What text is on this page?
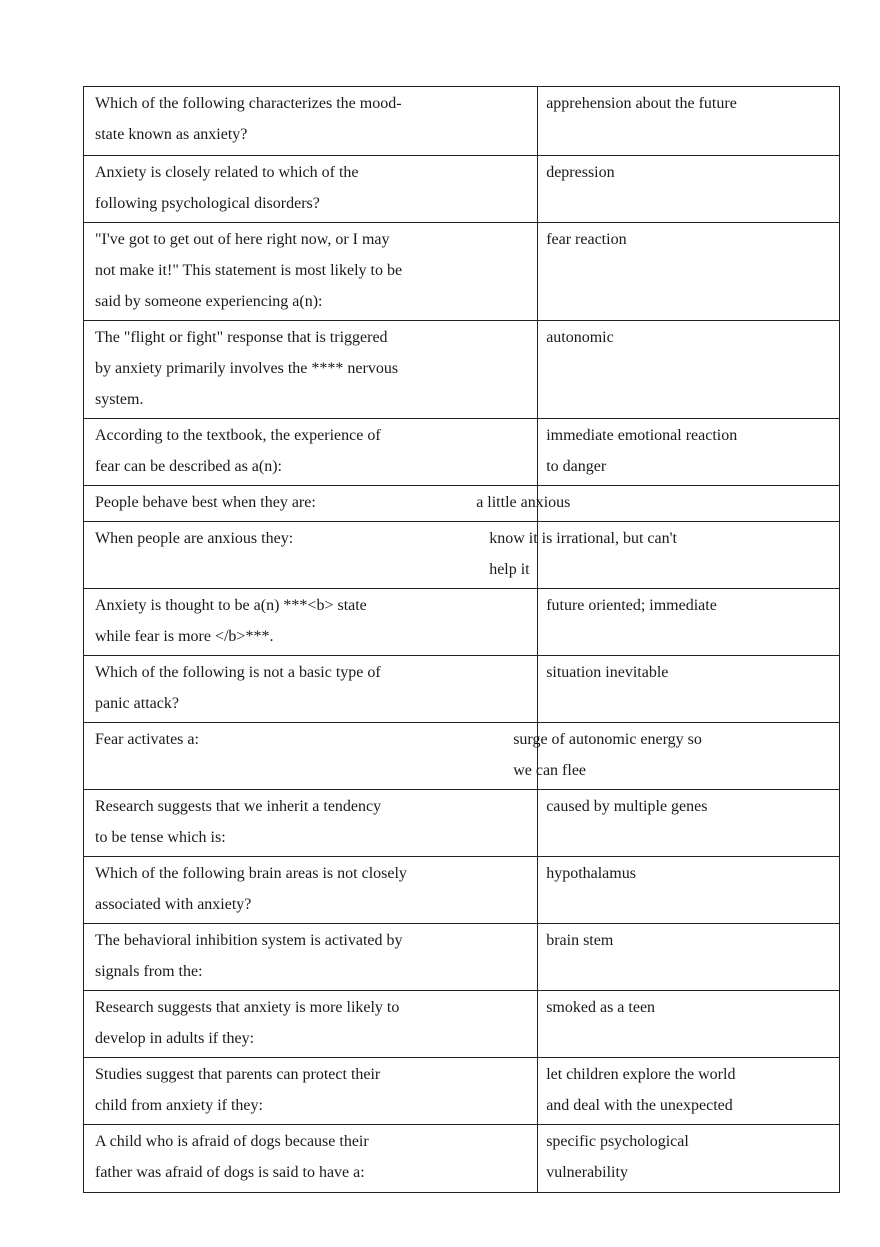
Which of the following characterizes the mood-
state known as anxiety?	apprehension about the future

Anxiety is closely related to which of the
following psychological disorders?	depression

"I've got to get out of here right now, or I may
not make it!" This statement is most likely to be
said by someone experiencing a(n):	fear reaction

The "flight or fight" response that is triggered
by anxiety primarily involves the **** nervous
system.	autonomic

According to the textbook, the experience of
fear can be described as a(n):	immediate emotional reaction
to danger

People behave best when they are:	a little anxious

When people are anxious they:	know it is irrational, but can't
help it

Anxiety is thought to be a(n) ***<b> state
while fear is more </b>***.	future oriented; immediate

Which of the following is not a basic type of
panic attack?	situation inevitable

Fear activates a:	surge of autonomic energy so
we can flee

Research suggests that we inherit a tendency
to be tense which is:	caused by multiple genes

Which of the following brain areas is not closely
associated with anxiety?	hypothalamus

The behavioral inhibition system is activated by
signals from the:	brain stem

Research suggests that anxiety is more likely to
develop in adults if they:	smoked as a teen

Studies suggest that parents can protect their
child from anxiety if they:	let children explore the world
and deal with the unexpected

A child who is afraid of dogs because their
father was afraid of dogs is said to have a:	specific psychological
vulnerability
